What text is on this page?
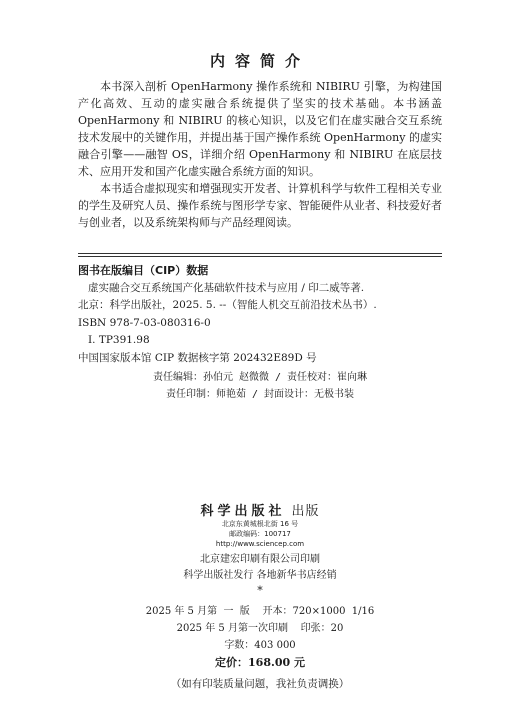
内容简介

本书深入剖析 OpenHarmony 操作系统和 NIBIRU 引擎，为构建国产化高效、互动的虚实融合系统提供了坚实的技术基础。本书涵盖 OpenHarmony 和 NIBIRU 的核心知识，以及它们在虚实融合交互系统技术发展中的关键作用，并提出基于国产操作系统 OpenHarmony 的虚实融合引擎——融智 OS，详细介绍 OpenHarmony 和 NIBIRU 在底层技术、应用开发和国产化虚实融合系统方面的知识。

本书适合虚拟现实和增强现实开发者、计算机科学与软件工程相关专业的学生及研究人员、操作系统与图形学专家、智能硬件从业者、科技爱好者与创业者，以及系统架构师与产品经理阅读。

图书在版编目（CIP）数据
虚实融合交互系统国产化基础软件技术与应用 / 印二威等著.
北京：科学出版社，2025. 5. --（智能人机交互前沿技术丛书）.
ISBN 978-7-03-080316-0
Ⅰ. TP391.98
中国国家版本馆 CIP 数据核字第 202432E89D 号
责任编辑：孙伯元 赵微微 / 责任校对：崔向琳
责任印制：师艳茹 / 封面设计：无极书装
科学出版社 出版
北京东黄城根北街 16 号
邮政编码：100717
http://www.sciencep.com
北京建宏印刷有限公司印刷
科学出版社发行 各地新华书店经销
*
2025 年 5 月第  一  版    开本：720×1000  1/16
2025 年 5 月第一次印刷    印张：20
字数：403 000
定价：168.00 元
（如有印装质量问题，我社负责调换）
